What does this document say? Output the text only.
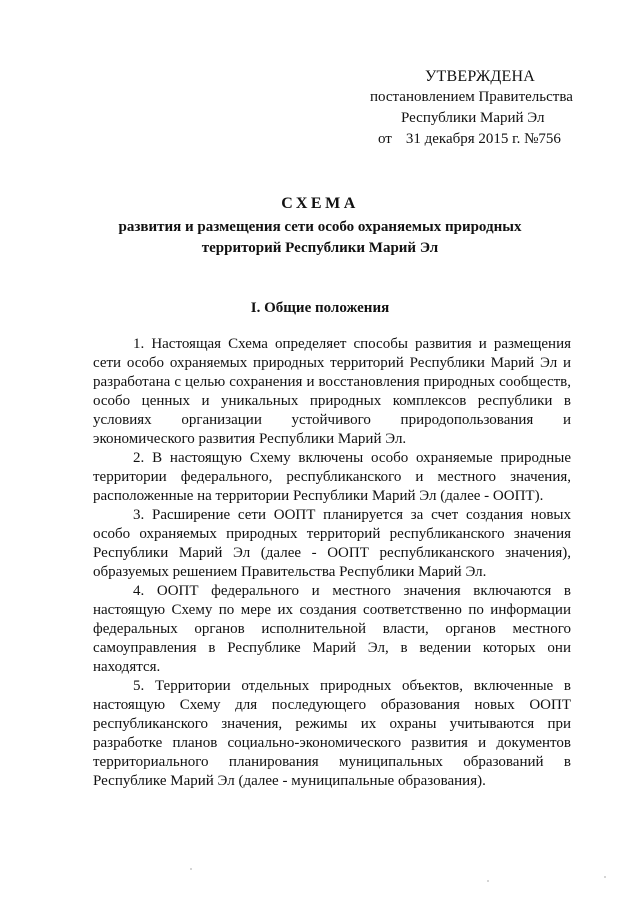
УТВЕРЖДЕНА
постановлением Правительства
Республики Марий Эл
от 31 декабря 2015 г. №756
СХЕМА
развития и размещения сети особо охраняемых природных территорий Республики Марий Эл
I. Общие положения

1. Настоящая Схема определяет способы развития и размещения сети особо охраняемых природных территорий Республики Марий Эл и разработана с целью сохранения и восстановления природных сообществ, особо ценных и уникальных природных комплексов республики в условиях организации устойчивого природопользования и экономического развития Республики Марий Эл.

2. В настоящую Схему включены особо охраняемые природные территории федерального, республиканского и местного значения, расположенные на территории Республики Марий Эл (далее - ООПТ).

3. Расширение сети ООПТ планируется за счет создания новых особо охраняемых природных территорий республиканского значения Республики Марий Эл (далее - ООПТ республиканского значения), образуемых решением Правительства Республики Марий Эл.

4. ООПТ федерального и местного значения включаются в настоящую Схему по мере их создания соответственно по информации федеральных органов исполнительной власти, органов местного самоуправления в Республике Марий Эл, в ведении которых они находятся.

5. Территории отдельных природных объектов, включенные в настоящую Схему для последующего образования новых ООПТ республиканского значения, режимы их охраны учитываются при разработке планов социально-экономического развития и документов территориального планирования муниципальных образований в Республике Марий Эл (далее - муниципальные образования).
